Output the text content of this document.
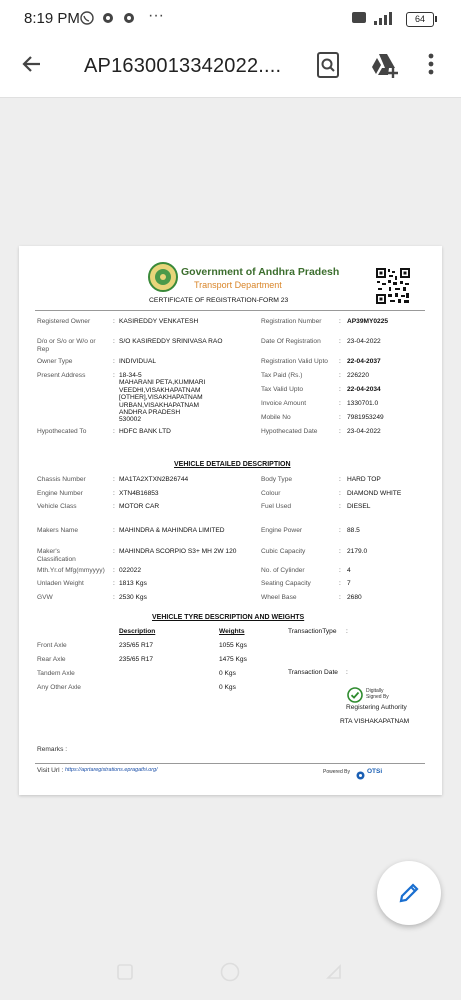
8:19 PM	···	64
AP1630013342022....
Government of Andhra Pradesh
Transport Department
CERTIFICATE OF REGISTRATION-FORM 23
Registered Owner	: KASIREDDY VENKATESH
D/o or S/o or W/o or Rep
: S/O KASIREDDY SRINIVASA RAO
Owner Type	: INDIVIDUAL
Present Address	: 18-34-5
MAHARANI PETA,KUMMARI
VEEDHI,VISAKHAPATNAM
[OTHER],VISAKHAPATNAM
URBAN,VISAKHAPATNAM
ANDHRA PRADESH
530002
Hypothecated To	: HDFC BANK LTD
Registration Number	: AP39MY0225
Date Of Registration	: 23-04-2022
Registration Valid Upto : 22-04-2037
Tax Paid (Rs.)	: 226220
Tax Valid Upto	: 22-04-2034
Invoice Amount	: 1330701.0
Mobile No	: 7981953249
Hypothecated Date	: 23-04-2022
VEHICLE DETAILED DESCRIPTION
Chassis Number	: MA1TA2XTXN2B26744
Engine Number	: XTN4B16853
Vehicle Class	: MOTOR CAR
Makers Name	: MAHINDRA & MAHINDRA LIMITED
Maker's Classification
: MAHINDRA SCORPIO S3+ MH 2W 120
Mth.Yr.of Mfg(mmyyyy) : 022022
Unladen Weight	: 1813 Kgs
GVW	: 2530 Kgs
Body Type	: HARD TOP
Colour	: DIAMOND WHITE
Fuel Used	: DIESEL
Engine Power	: 88.5
Cubic Capacity	: 2179.0
No. of Cylinder	: 4
Seating Capacity	: 7
Wheel Base	: 2680
VEHICLE TYRE DESCRIPTION AND WEIGHTS
Description	Weights	TransactionType :
Front Axle	235/65 R17	1055 Kgs
Rear Axle	235/65 R17	1475 Kgs
Tandem Axle	0 Kgs	Transaction Date :
Any Other Axle	0 Kgs	Digitally
Signed By
Registering Authority
RTA VISHAKAPATNAM
Remarks :
Visit Url : https://aprtaregistrations.epragathi.org/	Powered By	OTSi
